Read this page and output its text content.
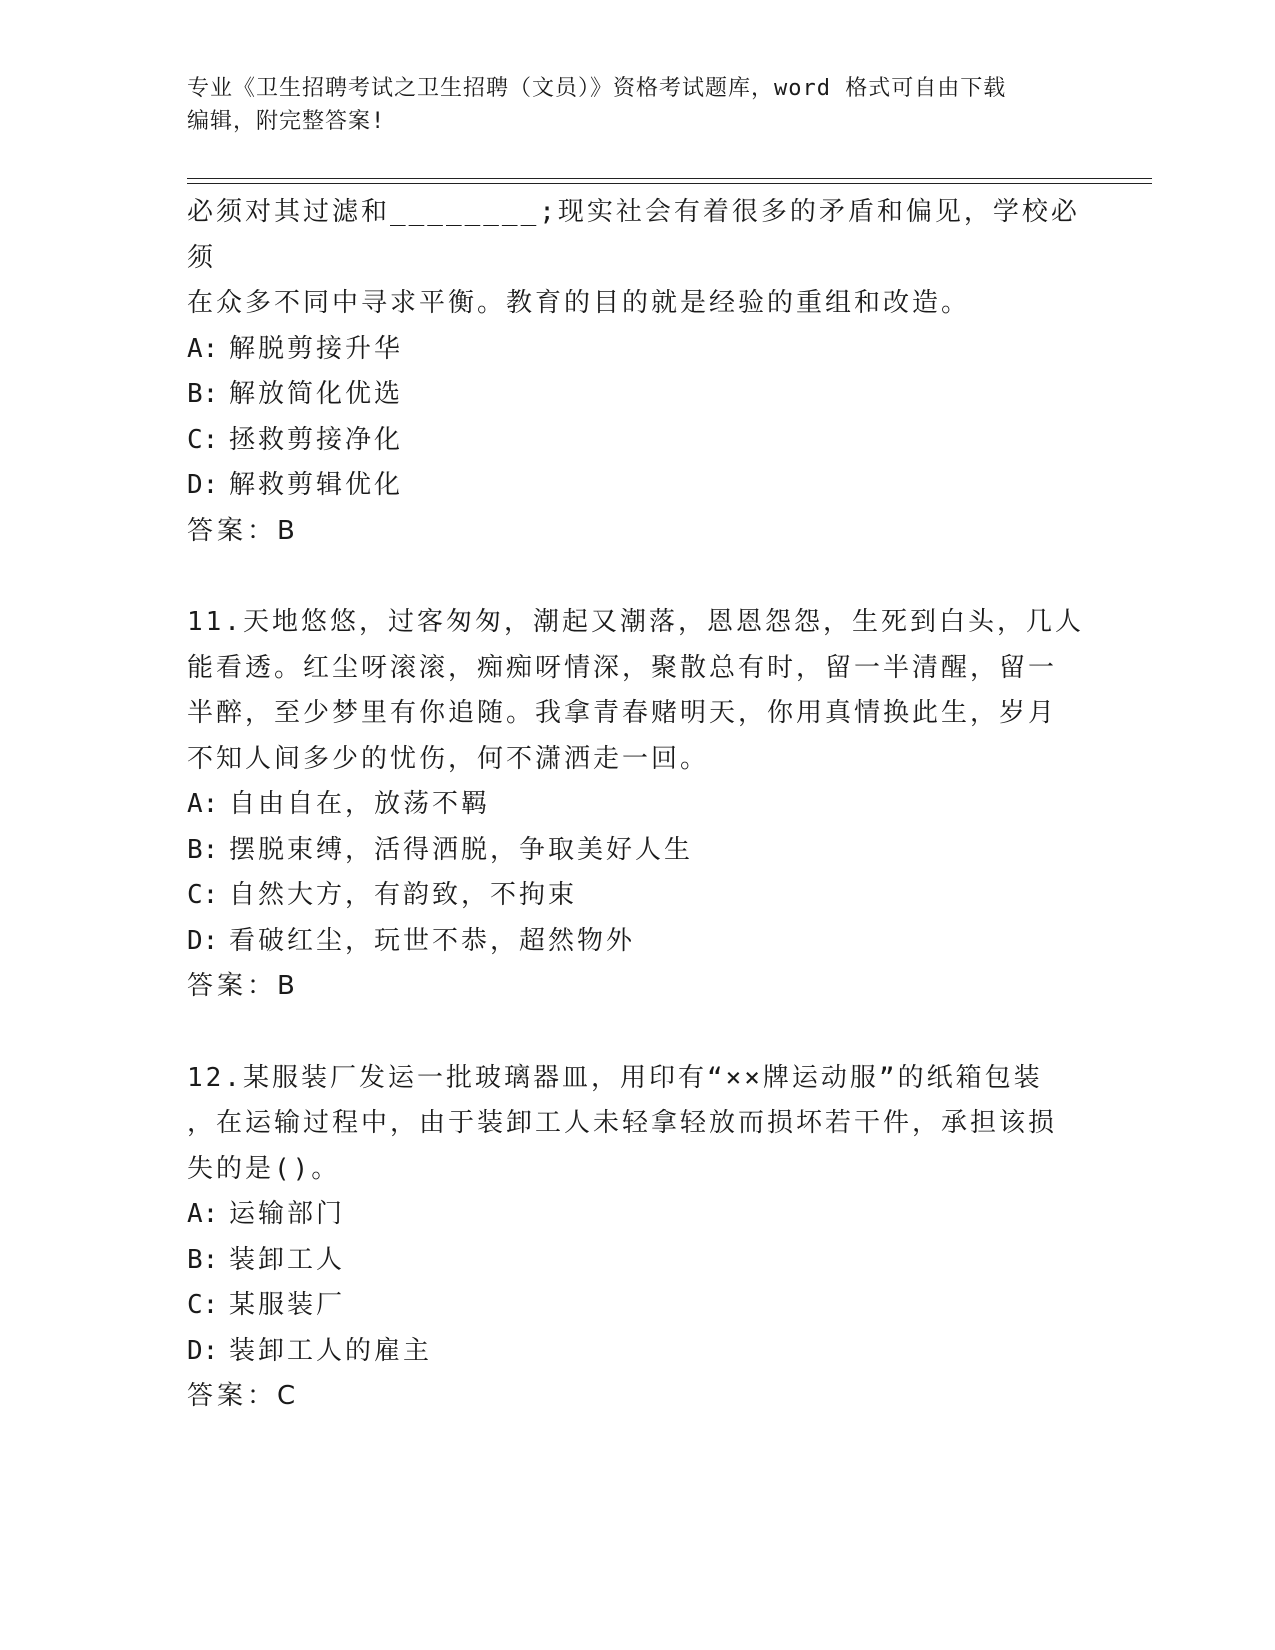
专业《卫生招聘考试之卫生招聘（文员）》资格考试题库，word 格式可自由下载
编辑，附完整答案!

必须对其过滤和________;现实社会有着很多的矛盾和偏见，学校必须

在众多不同中寻求平衡。教育的目的就是经验的重组和改造。

A: 解脱剪接升华

B: 解放简化优选

C: 拯救剪接净化

D: 解救剪辑优化

答案：B

11.天地悠悠，过客匆匆，潮起又潮落，恩恩怨怨，生死到白头，几人

能看透。红尘呀滚滚，痴痴呀情深，聚散总有时，留一半清醒，留一

半醉，至少梦里有你追随。我拿青春赌明天，你用真情换此生，岁月

不知人间多少的忧伤，何不潇洒走一回。

A: 自由自在，放荡不羁

B: 摆脱束缚，活得洒脱，争取美好人生

C: 自然大方，有韵致，不拘束

D: 看破红尘，玩世不恭，超然物外

答案：B

12.某服装厂发运一批玻璃器皿，用印有“××牌运动服”的纸箱包装

，在运输过程中，由于装卸工人未轻拿轻放而损坏若干件，承担该损

失的是()。

A: 运输部门

B: 装卸工人

C: 某服装厂

D: 装卸工人的雇主

答案：C
